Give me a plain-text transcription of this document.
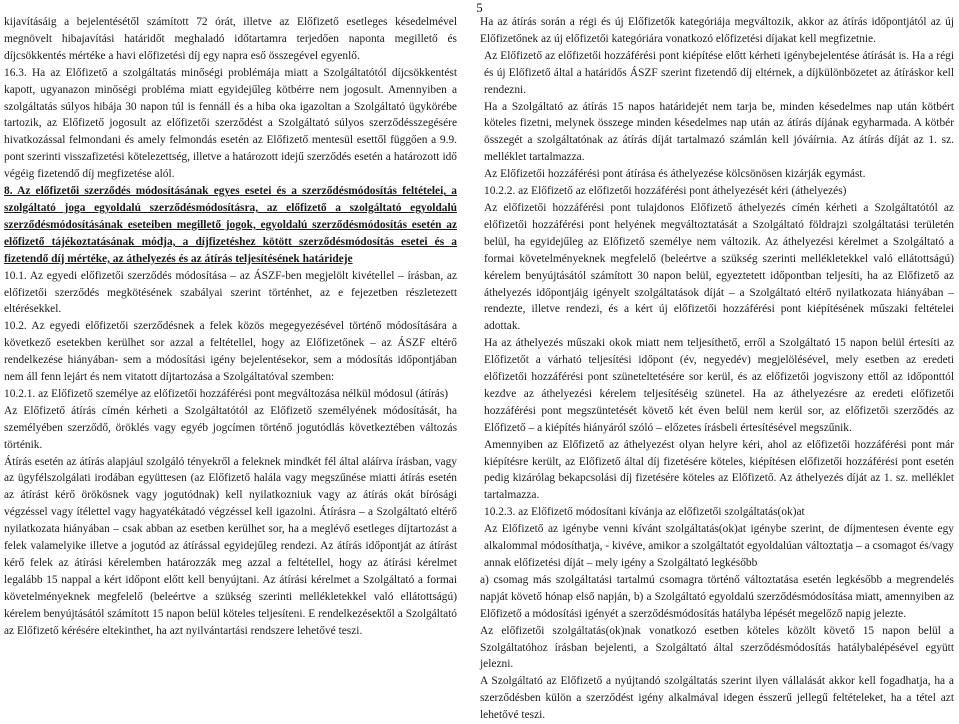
5

kijavításáig a bejelentésétől számított 72 órát, illetve az Előfizető esetleges késedelmével megnövelt hibajavítási határidőt meghaladó időtartamra terjedően naponta megillető és díjcsökkentés mértéke a havi előfizetési díj egy napra eső összegével egyenlő.

16.3. Ha az Előfizető a szolgáltatás minőségi problémája miatt a Szolgáltatótól díjcsökkentést kapott, ugyanazon minőségi probléma miatt egyidejűleg kötbérre nem jogosult. Amennyiben a szolgáltatás súlyos hibája 30 napon túl is fennáll és a hiba oka igazoltan a Szolgáltató ügykörébe tartozik, az Előfizető jogosult az előfizetői szerződést a Szolgáltató súlyos szerződésszegésére hivatkozással felmondani és amely felmondás esetén az Előfizető mentesül esettől függően a 9.9. pont szerinti visszafizetési kötelezettség, illetve a határozott idejű szerződés esetén a határozott idő végéig fizetendő díj megfizetése alól.

8. Az előfizetői szerződés módosításának egyes esetei és a szerződésmódosítás feltételei, a szolgáltató joga egyoldalú szerződésmódosításra, az előfizető a szolgáltató egyoldalú szerződésmódosításának eseteiben megillető jogok, egyoldalú szerződésmódosítás esetén az előfizető tájékoztatásának módja, a díjfizetéshez kötött szerződésmódosítás esetei és a fizetendő díj mértéke, az áthelyezés és az átírás teljesítésének határideje

10.1. Az egyedi előfizetői szerződés módosítása – az ÁSZF-ben megjelölt kivétellel – írásban, az előfizetői szerződés megkötésének szabályai szerint történhet, az e fejezetben részletezett eltérésekkel.

10.2. Az egyedi előfizetői szerződésnek a felek közös megegyezésével történő módosítására a következő esetekben kerülhet sor azzal a feltétellel, hogy az Előfizetőnek – az ÁSZF eltérő rendelkezése hiányában- sem a módosítási igény bejelentésekor, sem a módosítás időpontjában nem áll fenn lejárt és nem vitatott díjtartozása a Szolgáltatóval szemben:

10.2.1. az Előfizető személye az előfizetői hozzáférési pont megváltozása nélkül módosul (átírás)

Az Előfizető átírás címén kérheti a Szolgáltatótól az Előfizető személyének módosítását, ha személyében szerződő, öröklés vagy egyéb jogcímen történő jogutódlás következtében változás történik.

Átírás esetén az átírás alapjául szolgáló tényekről a feleknek mindkét fél által aláírva írásban, vagy az ügyfélszolgálati irodában együttesen (az Előfizető halála vagy megszűnése miatti átírás esetén az átírást kérő örökösnek vagy jogutódnak) kell nyilatkozniuk vagy az átírás okát bírósági végzéssel vagy ítélettel vagy hagyatékátadó végzéssel kell igazolni. Átírásra – a Szolgáltató eltérő nyilatkozata hiányában – csak abban az esetben kerülhet sor, ha a meglévő esetleges díjtartozást a felek valamelyike illetve a jogutód az átírással egyidejűleg rendezi. Az átírás időpontját az átírást kérő felek az átírási kérelemben határozzák meg azzal a feltétellel, hogy az átírási kérelmet legalább 15 nappal a kért időpont előtt kell benyújtani. Az átírási kérelmet a Szolgáltató a formai követelményeknek megfelelő (beleértve a szükség szerinti mellékletekkel való ellátottságú) kérelem benyújtásától számított 15 napon belül köteles teljesíteni. E rendelkezésektől a Szolgáltató az Előfizető kérésére eltekinthet, ha azt nyilvántartási rendszere lehetővé teszi.

Ha az átírás során a régi és új Előfizetők kategóriája megváltozik, akkor az átírás időpontjától az új Előfizetőnek az új előfizetői kategóriára vonatkozó előfizetési díjakat kell megfizetnie.

Az Előfizető az előfizetői hozzáférési pont kiépítése előtt kérheti igénybejelentése átírását is. Ha a régi és új Előfizető által a határidős ÁSZF szerint fizetendő díj eltérnek, a díjkülönbözetet az átíráskor kell rendezni.

Ha a Szolgáltató az átírás 15 napos határidejét nem tarja be, minden késedelmes nap után kötbért köteles fizetni, melynek összege minden késedelmes nap után az átírás díjának egyharmada. A kötbér összegét a szolgáltatónak az átírás díját tartalmazó számlán kell jóváírnia. Az átírás díját az 1. sz. melléklet tartalmazza.

Az Előfizetői hozzáférési pont átírása és áthelyezése kölcsönösen kizárják egymást.

10.2.2. az Előfizető az előfizetői hozzáférési pont áthelyezését kéri (áthelyezés)

Az előfizetői hozzáférési pont tulajdonos Előfizető áthelyezés címén kérheti a Szolgáltatótól az előfizetői hozzáférési pont helyének megváltoztatását a Szolgáltató földrajzi szolgáltatási területén belül, ha egyidejűleg az Előfizető személye nem változik. Az áthelyezési kérelmet a Szolgáltató a formai követelményeknek megfelelő (beleértve a szükség szerinti mellékletekkel való ellátottságú) kérelem benyújtásától számított 30 napon belül, egyeztetett időpontban teljesíti, ha az Előfizető az áthelyezés időpontjáig igényelt szolgáltatások díját – a Szolgáltató eltérő nyilatkozata hiányában – rendezte, illetve rendezi, és a kért új előfizetői hozzáférési pont kiépítésének műszaki feltételei adottak.

Ha az áthelyezés műszaki okok miatt nem teljesíthető, erről a Szolgáltató 15 napon belül értesíti az Előfizetőt a várható teljesítési időpont (év, negyedév) megjelölésével, mely esetben az eredeti előfizetői hozzáférési pont szüneteltetésére sor kerül, és az előfizetői jogviszony ettől az időponttól kezdve az áthelyezési kérelem teljesítéséig szünetel. Ha az áthelyezésre az eredeti előfizetői hozzáférési pont megszüntetését követő két éven belül nem kerül sor, az előfizetői szerződés az Előfizető – a kiépítés hiányáról szóló – előzetes írásbeli értesítésével megszűnik.

Amennyiben az Előfizető az áthelyezést olyan helyre kéri, ahol az előfizetői hozzáférési pont már kiépítésre került, az Előfizető által díj fizetésére köteles, kiépítésen előfizetői hozzáférési pont esetén pedig kizárólag bekapcsolási díj fizetésére köteles az Előfizető. Az áthelyezés díját az 1. sz. melléklet tartalmazza.

10.2.3. az Előfizető módosítani kívánja az előfizetői szolgáltatás(ok)at

Az Előfizető az igénybe venni kívánt szolgáltatás(ok)at igénybe szerint, de díjmentesen évente egy alkalommal módosíthatja, - kivéve, amikor a szolgáltatót egyoldalúan változtatja – a csomagot és/vagy annak előfizetési díját – mely igény a Szolgáltató legkésőbb

a) csomag más szolgáltatási tartalmú csomagra történő változtatása esetén legkésőbb a megrendelés napját követő hónap első napján, b) a Szolgáltató egyoldalú szerződésmódosítása miatt, amennyiben az Előfizető a módosítási igényét a szerződésmódosítás hatályba lépését megelőző napig jelezte.

Az előfizetői szolgáltatás(ok)nak vonatkozó esetben köteles közölt követő 15 napon belül a Szolgáltatóhoz írásban bejelenti, a Szolgáltató által szerződésmódosítás hatálybalépésével együtt jelezni.

A Szolgáltató az Előfizető a nyújtandó szolgáltatás szerint ilyen vállalását akkor kell fogadhatja, ha a szerződésben külön a szerződést igény alkalmával idegen ésszerű jellegű feltételeket, ha a tétel azt lehetővé teszi.
